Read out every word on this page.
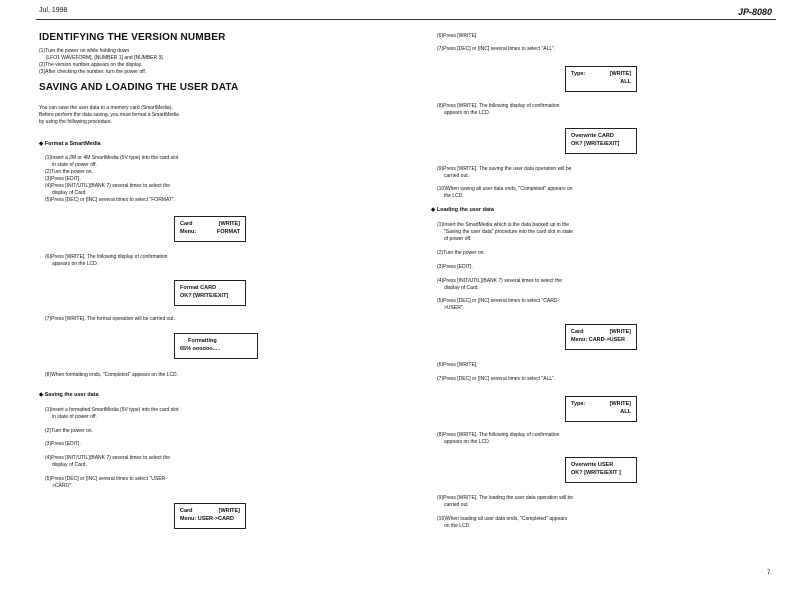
Jul, 1998	JP-8080
IDENTIFYING THE VERSION NUMBER
(1)Turn the power on while holding down
[LFO1 WAVEFORM], [NUMBER 1] and [NUMBER 3].
(2)The version number appears on the display.
(3)After checking the number, turn the power off.
SAVING AND LOADING THE USER DATA
You can save the user data to a memory card (SmartMedia).
Before perform the data saving, you must format a SmartMedia
by using the following procedure.
◆ Format a SmartMedia
(1)Insert a 2M or 4M SmartMedia (5V type) into the card slot
in state of power off.
(2)Turn the power on.
(3)Press [EDIT].
(4)Press [INIT/UTIL](BANK 7) several times to select the
display of Card.
(5)Press [DEC] or [INC] several times to select "FORMAT".
Card	[WRITE]
Menu:	FORMAT
(6)Press [WRITE]. The following display of confirmation
appears on the LCD.
Format CARD
OK? [WRITE/EXIT]
(7)Press [WRITE]. The format operation will be carried out.
Formatting
65% oooooo... .
(8)When formatting ends, "Completed" appears on the LCD.
◆ Saving the user data
(1)Insert a formatted SmartMedia (5V type) into the card slot
in state of power off.
(2)Turn the power on.
(3)Press [EDIT].
(4)Press [INIT/UTIL](BANK 7) several times to select the
display of Card.
(5)Press [DEC] or [INC] several times to select "USER-
>CARD"
Card	[WRITE]
Menu: USER->CARD
(6)Press [WRITE].
(7)Press [DEC] or [INC] several times to select "ALL".
Type:	[WRITE]
ALL
(8)Press [WRITE]. The following display of confirmation
appears on the LCD.
Overwrite CARD
OK? [WRITE/EXIT]
(9)Press [WRITE]. The saving the user data operation will be
carried out.
(10)When saving all user data ends, "Completed" appears on
the LCD.
◆ Loading the user data
(1)Insert the SmartMedia which is the data backed up in the
"Saving the user data" procedure into the card slot in state
of power off.
(2)Turn the power on.
(3)Press [EDIT].
(4)Press [INIT/UTIL](BANK 7) several times to select the
display of Card.
(5)Press [DEC] or [INC] several times to select "CARD-
>USER"
Card	[WRITE]
Menu: CARD->USER
(6)Press [WRITE].
(7)Press [DEC] or [INC] several times to select "ALL".
Type:	[WRITE]
ALL
(8)Press [WRITE]. The following display of confirmation
appears on the LCD.
Overwrite USER
OK? [WRITE/EXIT ]
(9)Press [WRITE]. The loading the user data operation will be
carried out.
(10)When loading all user data ends, "Completed" appears
on the LCD.
7
